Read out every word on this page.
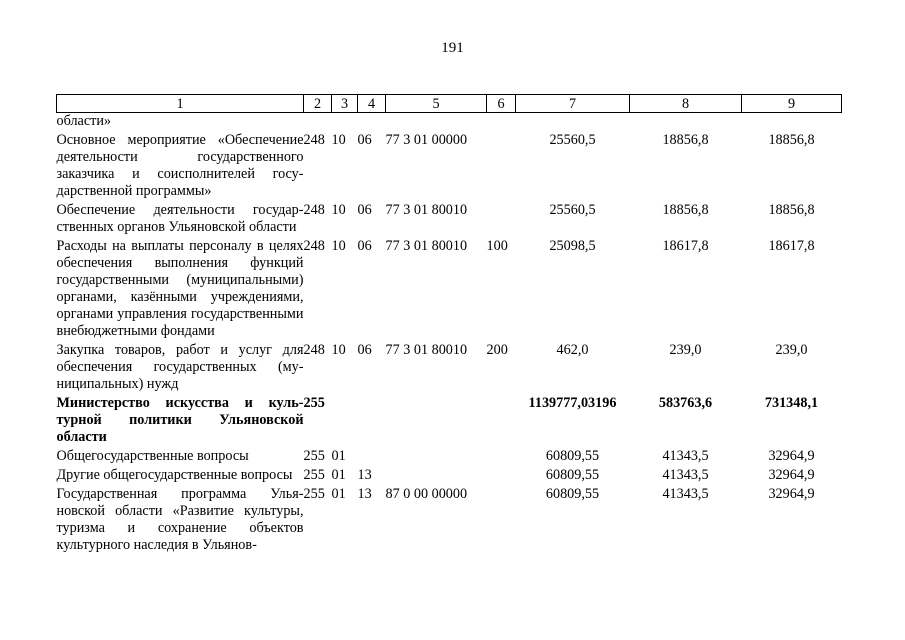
191
1	2	3	4	5	6	7	8	9
области»								
Основное мероприятие «Обеспечение деятельности государственного заказчика и соисполнителей государственной программы»	248	10	06	77 3 01 00000		25560,5	18856,8	18856,8
Обеспечение деятельности государственных органов Ульяновской области	248	10	06	77 3 01 80010		25560,5	18856,8	18856,8
Расходы на выплаты персоналу в целях обеспечения выполнения функций государственными (муниципальными) органами, казёнными учреждениями, органами управления государственными внебюджетными фондами	248	10	06	77 3 01 80010	100	25098,5	18617,8	18617,8
Закупка товаров, работ и услуг для обеспечения государственных (муниципальных) нужд	248	10	06	77 3 01 80010	200	462,0	239,0	239,0
Министерство искусства и культурной политики Ульяновской области	255					1139777,03196	583763,6	731348,1
Общегосударственные вопросы	255	01				60809,55	41343,5	32964,9
Другие общегосударственные вопросы	255	01	13			60809,55	41343,5	32964,9
Государственная программа Ульяновской области «Развитие культуры, туризма и сохранение объектов культурного наследия в Ульянов-	255	01	13	87 0 00 00000		60809,55	41343,5	32964,9
